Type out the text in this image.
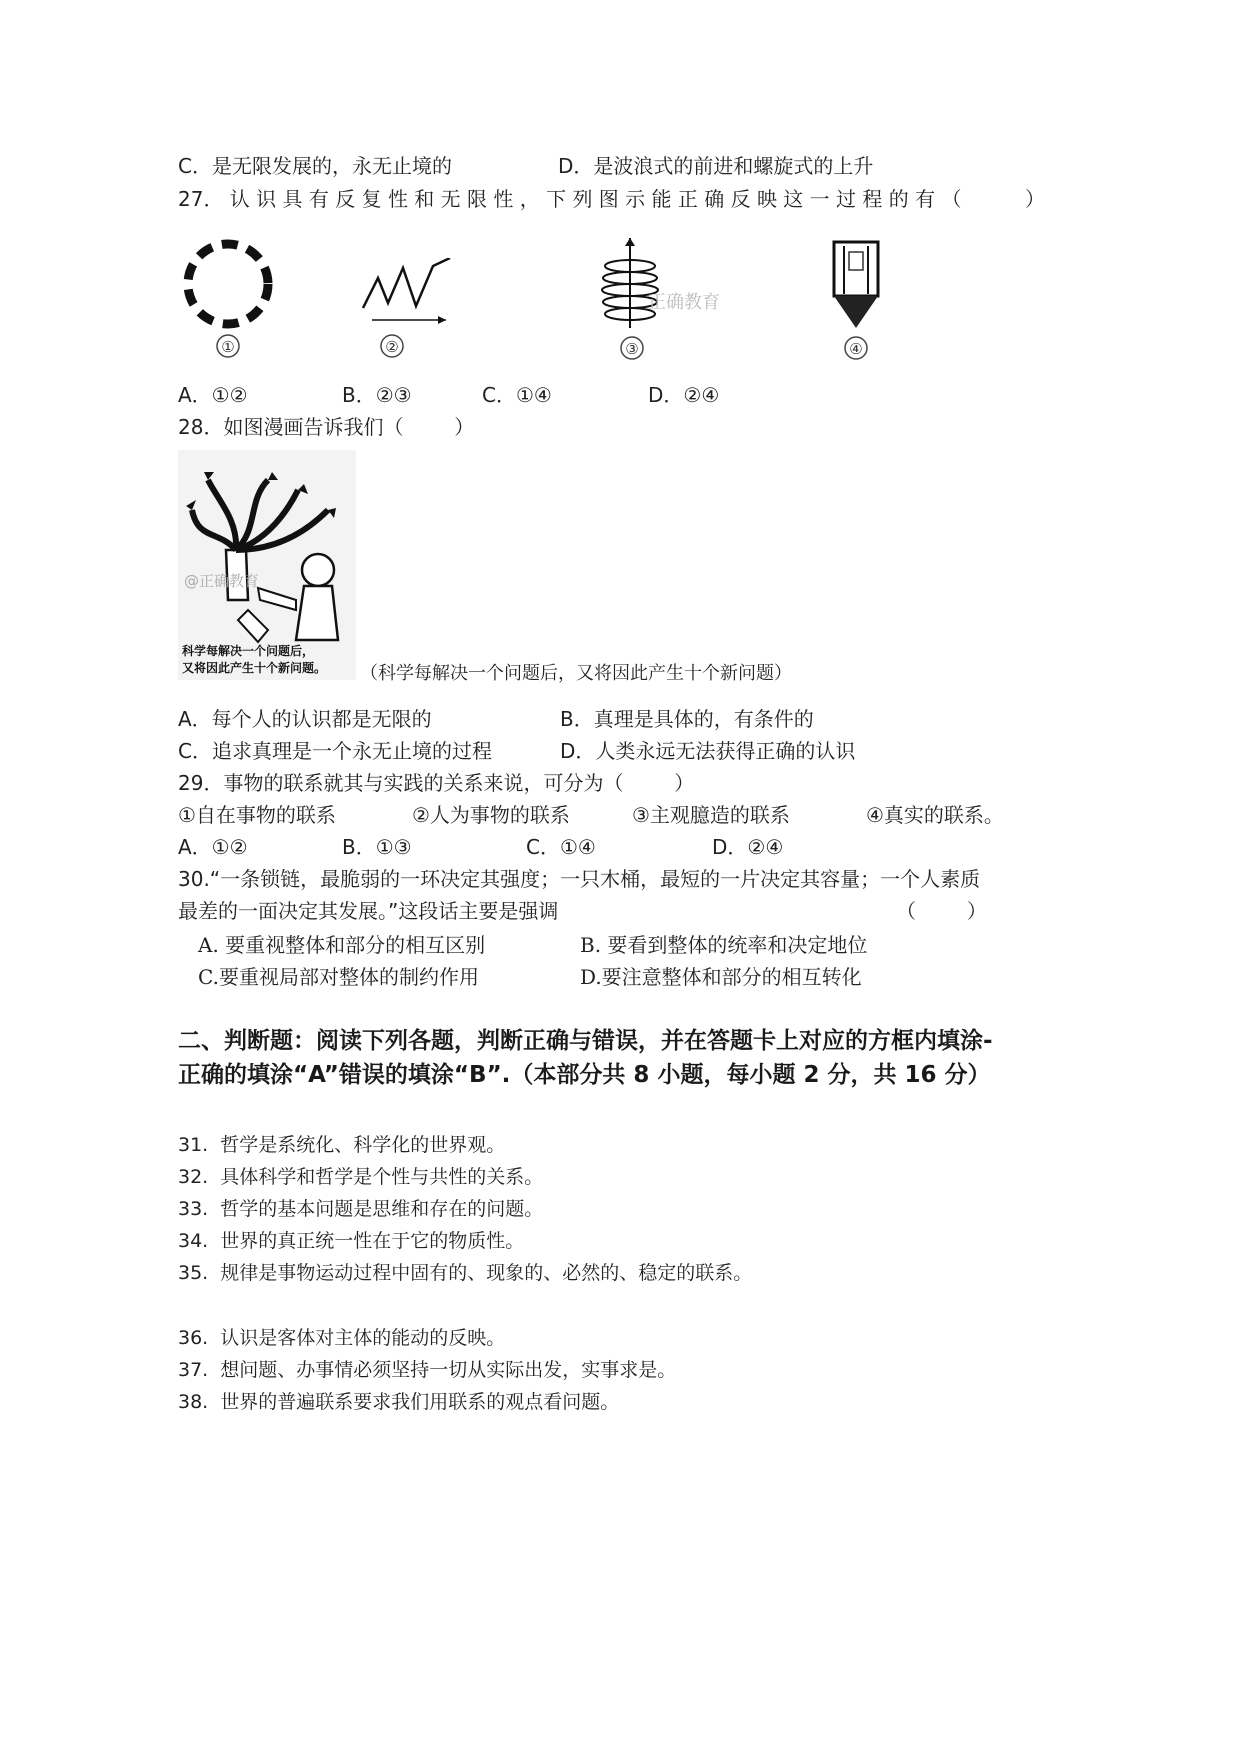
C．是无限发展的，永无止境的	D．是波浪式的前进和螺旋式的上升
27． 认 识 具 有 反 复 性 和 无 限 性 ， 下 列 图 示 能 正 确 反 映 这 一 过 程 的 有 （          ）
①	②	③
正确教育
④
A．①②	B．②③	C．①④	D．②④
28．如图漫画告诉我们（        ）
@正确教育
科学每解决一个问题后，
又将因此产生十个新问题。 （科学每解决一个问题后，又将因此产生十个新问题）
A．每个人的认识都是无限的	B．真理是具体的，有条件的
C．追求真理是一个永无止境的过程	D．人类永远无法获得正确的认识
29．事物的联系就其与实践的关系来说，可分为（        ）
①自在事物的联系	②人为事物的联系	③主观臆造的联系	④真实的联系。
A．①②	B．①③	C．①④	D．②④
30.“一条锁链，最脆弱的一环决定其强度；一只木桶，最短的一片决定其容量；一个人素质
最差的一面决定其发展。”这段话主要是强调	（        ）
A. 要重视整体和部分的相互区别	B. 要看到整体的统率和决定地位
C.要重视局部对整体的制约作用	D.要注意整体和部分的相互转化
二、判断题：阅读下列各题，判断正确与错误，并在答题卡上对应的方框内填涂-
正确的填涂“A”错误的填涂“B”.（本部分共 8 小题，每小题 2 分，共 16 分）
31.  哲学是系统化、科学化的世界观。
32.  具体科学和哲学是个性与共性的关系。
33.  哲学的基本问题是思维和存在的问题。
34.  世界的真正统一性在于它的物质性。
35.  规律是事物运动过程中固有的、现象的、必然的、稳定的联系。
36.  认识是客体对主体的能动的反映。
37.  想问题、办事情必须坚持一切从实际出发，实事求是。
38.  世界的普遍联系要求我们用联系的观点看问题。
